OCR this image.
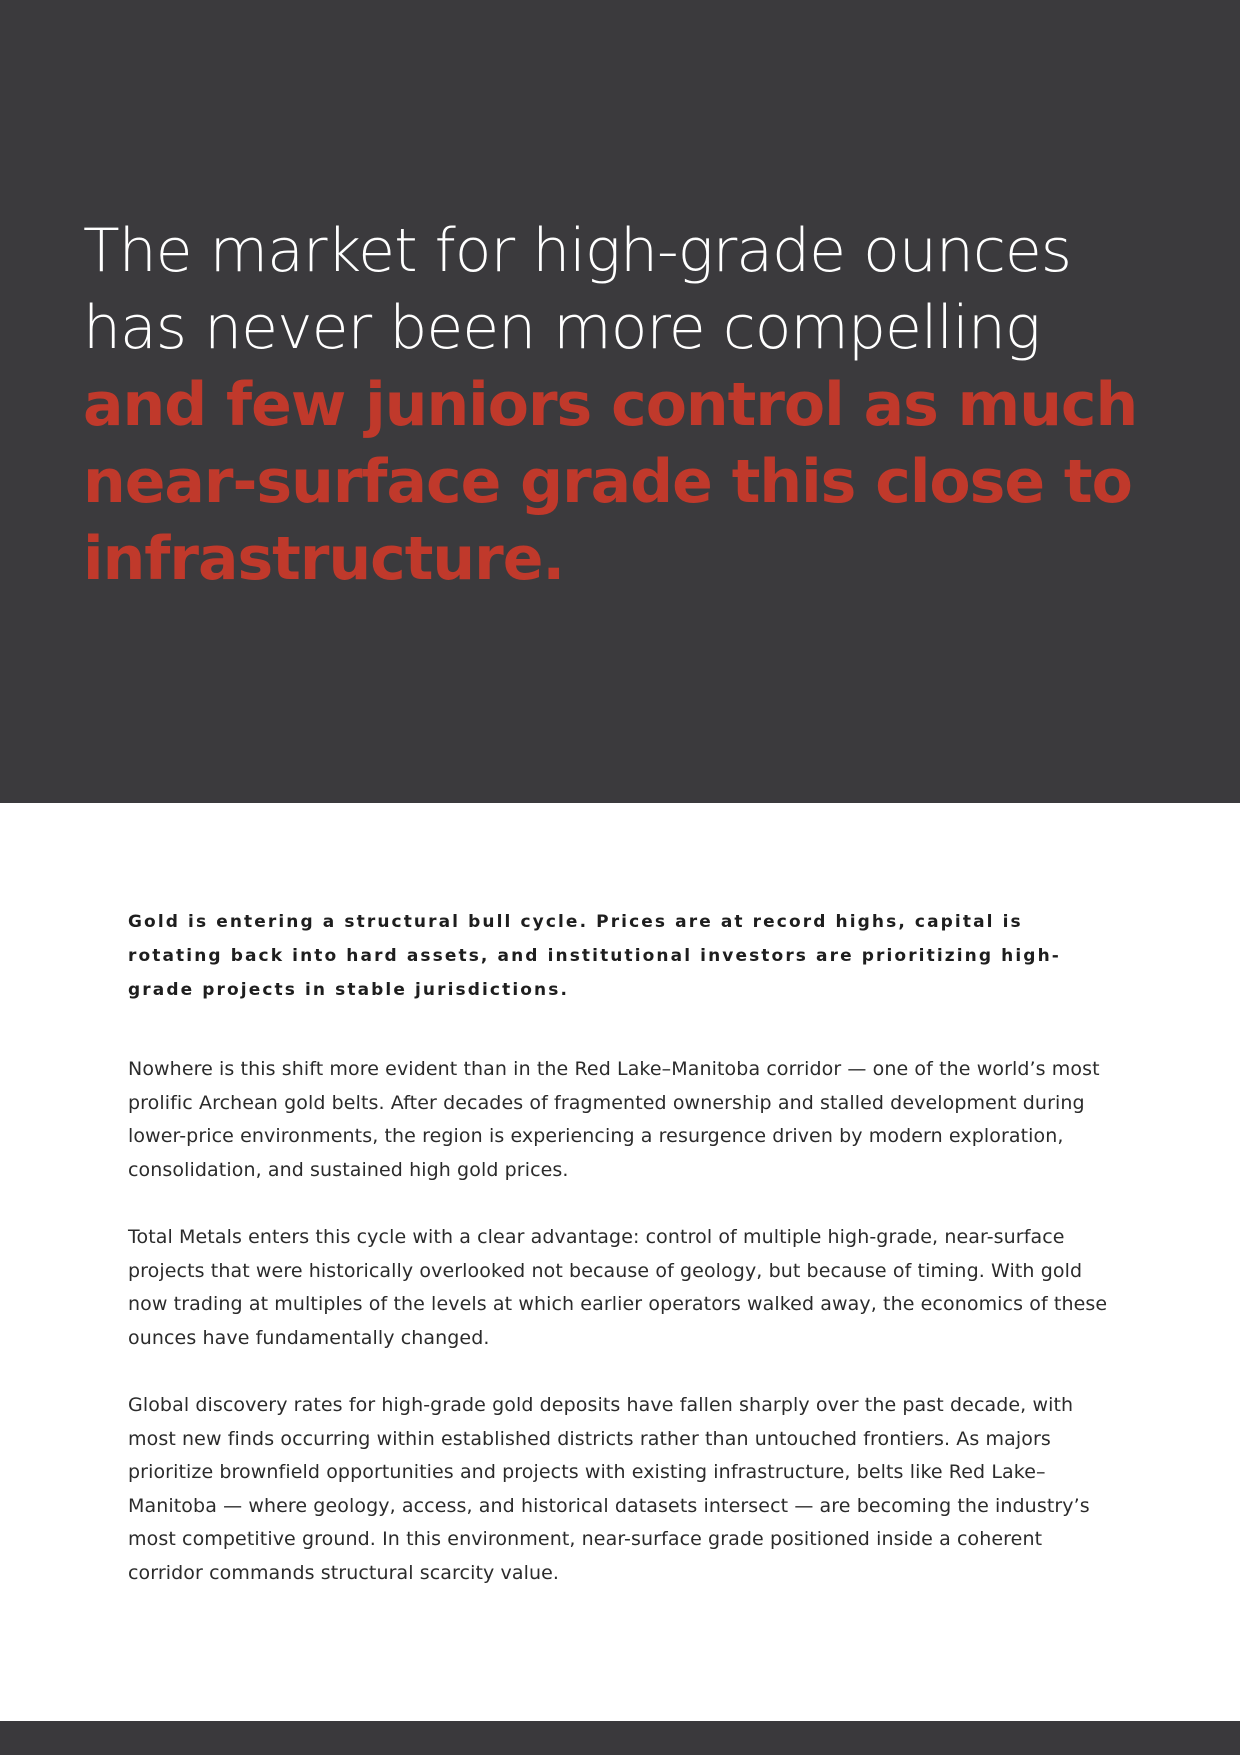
The market for high-grade ounces has never been more compelling and few juniors control as much near-surface grade this close to infrastructure.

Gold is entering a structural bull cycle. Prices are at record highs, capital is rotating back into hard assets, and institutional investors are prioritizing high-grade projects in stable jurisdictions.

Nowhere is this shift more evident than in the Red Lake–Manitoba corridor — one of the world’s most prolific Archean gold belts. After decades of fragmented ownership and stalled development during lower-price environments, the region is experiencing a resurgence driven by modern exploration, consolidation, and sustained high gold prices.

Total Metals enters this cycle with a clear advantage: control of multiple high-grade, near-surface projects that were historically overlooked not because of geology, but because of timing. With gold now trading at multiples of the levels at which earlier operators walked away, the economics of these ounces have fundamentally changed.

Global discovery rates for high-grade gold deposits have fallen sharply over the past decade, with most new finds occurring within established districts rather than untouched frontiers. As majors prioritize brownfield opportunities and projects with existing infrastructure, belts like Red Lake–Manitoba — where geology, access, and historical datasets intersect — are becoming the industry’s most competitive ground. In this environment, near-surface grade positioned inside a coherent corridor commands structural scarcity value.
